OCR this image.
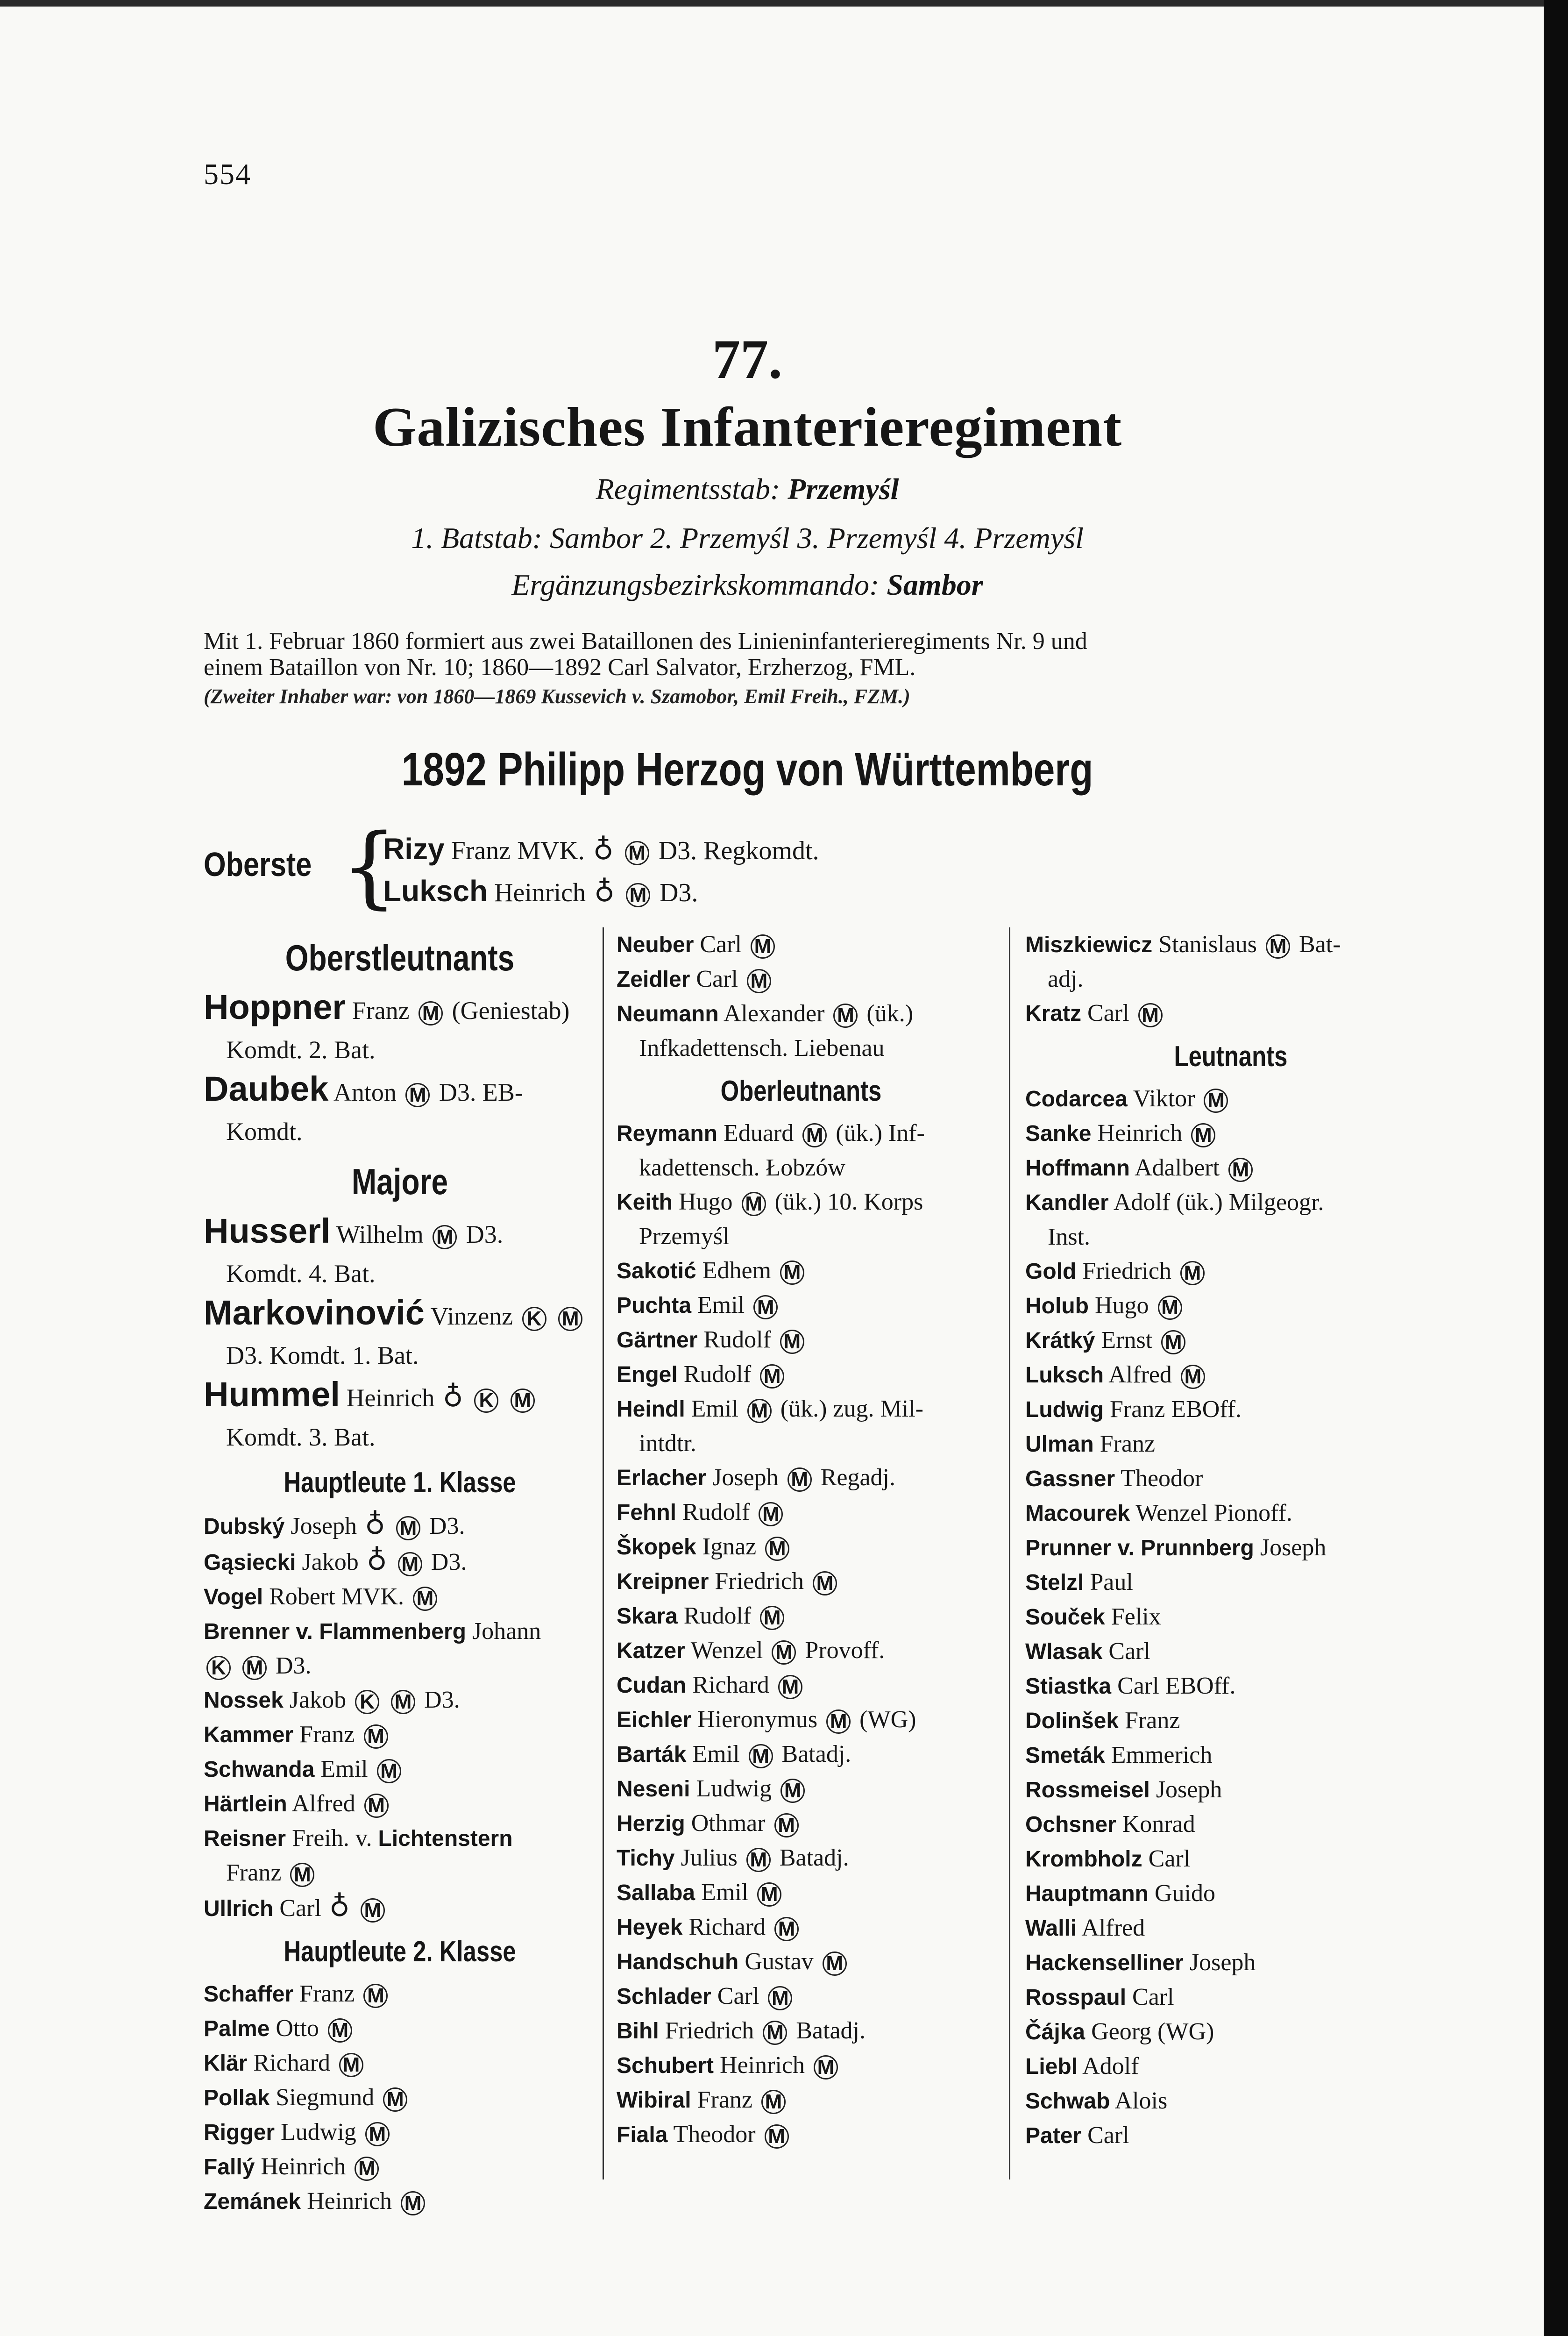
554
77.
Galizisches Infanterieregiment
Regimentsstab: Przemyśl
1. Batstab: Sambor 2. Przemyśl 3. Przemyśl 4. Przemyśl
Ergänzungsbezirkskommando: Sambor
Mit 1. Februar 1860 formiert aus zwei Bataillonen des Linieninfanterieregiments Nr. 9 und
einem Bataillon von Nr. 10; 1860—1892 Carl Salvator, Erzherzog, FML.
(Zweiter Inhaber war: von 1860—1869 Kussevich v. Szamobor, Emil Freih., FZM.)
1892 Philipp Herzog von Württemberg
Oberste {
Rizy Franz MVK. ♁ M D3. Regkomdt.
Luksch Heinrich ♁ M D3.
Oberstleutnants
Hoppner Franz M (Geniestab)
Komdt. 2. Bat.
Daubek Anton M D3. EB-
Komdt.
Majore
Husserl Wilhelm M D3.
Komdt. 4. Bat.
Markovinović Vinzenz K M
D3. Komdt. 1. Bat.
Hummel Heinrich ♁ K M
Komdt. 3. Bat.
Hauptleute 1. Klasse
Dubský Joseph ♁ M D3.
Gąsiecki Jakob ♁ M D3.
Vogel Robert MVK. M
Brenner v. Flammenberg Johann
K M D3.
Nossek Jakob K M D3.
Kammer Franz M
Schwanda Emil M
Härtlein Alfred M
Reisner Freih. v. Lichtenstern
Franz M
Ullrich Carl ♁ M
Hauptleute 2. Klasse
Schaffer Franz M
Palme Otto M
Klär Richard M
Pollak Siegmund M
Rigger Ludwig M
Fallý Heinrich M
Zemánek Heinrich M
Neuber Carl M
Zeidler Carl M
Neumann Alexander M (ük.)
Infkadettensch. Liebenau
Oberleutnants
Reymann Eduard M (ük.) Inf-
kadettensch. Łobzów
Keith Hugo M (ük.) 10. Korps
Przemyśl
Sakotić Edhem M
Puchta Emil M
Gärtner Rudolf M
Engel Rudolf M
Heindl Emil M (ük.) zug. Mil-
intdtr.
Erlacher Joseph M Regadj.
Fehnl Rudolf M
Škopek Ignaz M
Kreipner Friedrich M
Skara Rudolf M
Katzer Wenzel M Provoff.
Cudan Richard M
Eichler Hieronymus M (WG)
Barták Emil M Batadj.
Neseni Ludwig M
Herzig Othmar M
Tichy Julius M Batadj.
Sallaba Emil M
Heyek Richard M
Handschuh Gustav M
Schlader Carl M
Bihl Friedrich M Batadj.
Schubert Heinrich M
Wibiral Franz M
Fiala Theodor M
Miszkiewicz Stanislaus M Bat-
adj.
Kratz Carl M
Leutnants
Codarcea Viktor M
Sanke Heinrich M
Hoffmann Adalbert M
Kandler Adolf (ük.) Milgeogr.
Inst.
Gold Friedrich M
Holub Hugo M
Krátký Ernst M
Luksch Alfred M
Ludwig Franz EBOff.
Ulman Franz
Gassner Theodor
Macourek Wenzel Pionoff.
Prunner v. Prunnberg Joseph
Stelzl Paul
Souček Felix
Wlasak Carl
Stiastka Carl EBOff.
Dolinšek Franz
Smeták Emmerich
Rossmeisel Joseph
Ochsner Konrad
Krombholz Carl
Hauptmann Guido
Walli Alfred
Hackenselliner Joseph
Rosspaul Carl
Čájka Georg (WG)
Liebl Adolf
Schwab Alois
Pater Carl
